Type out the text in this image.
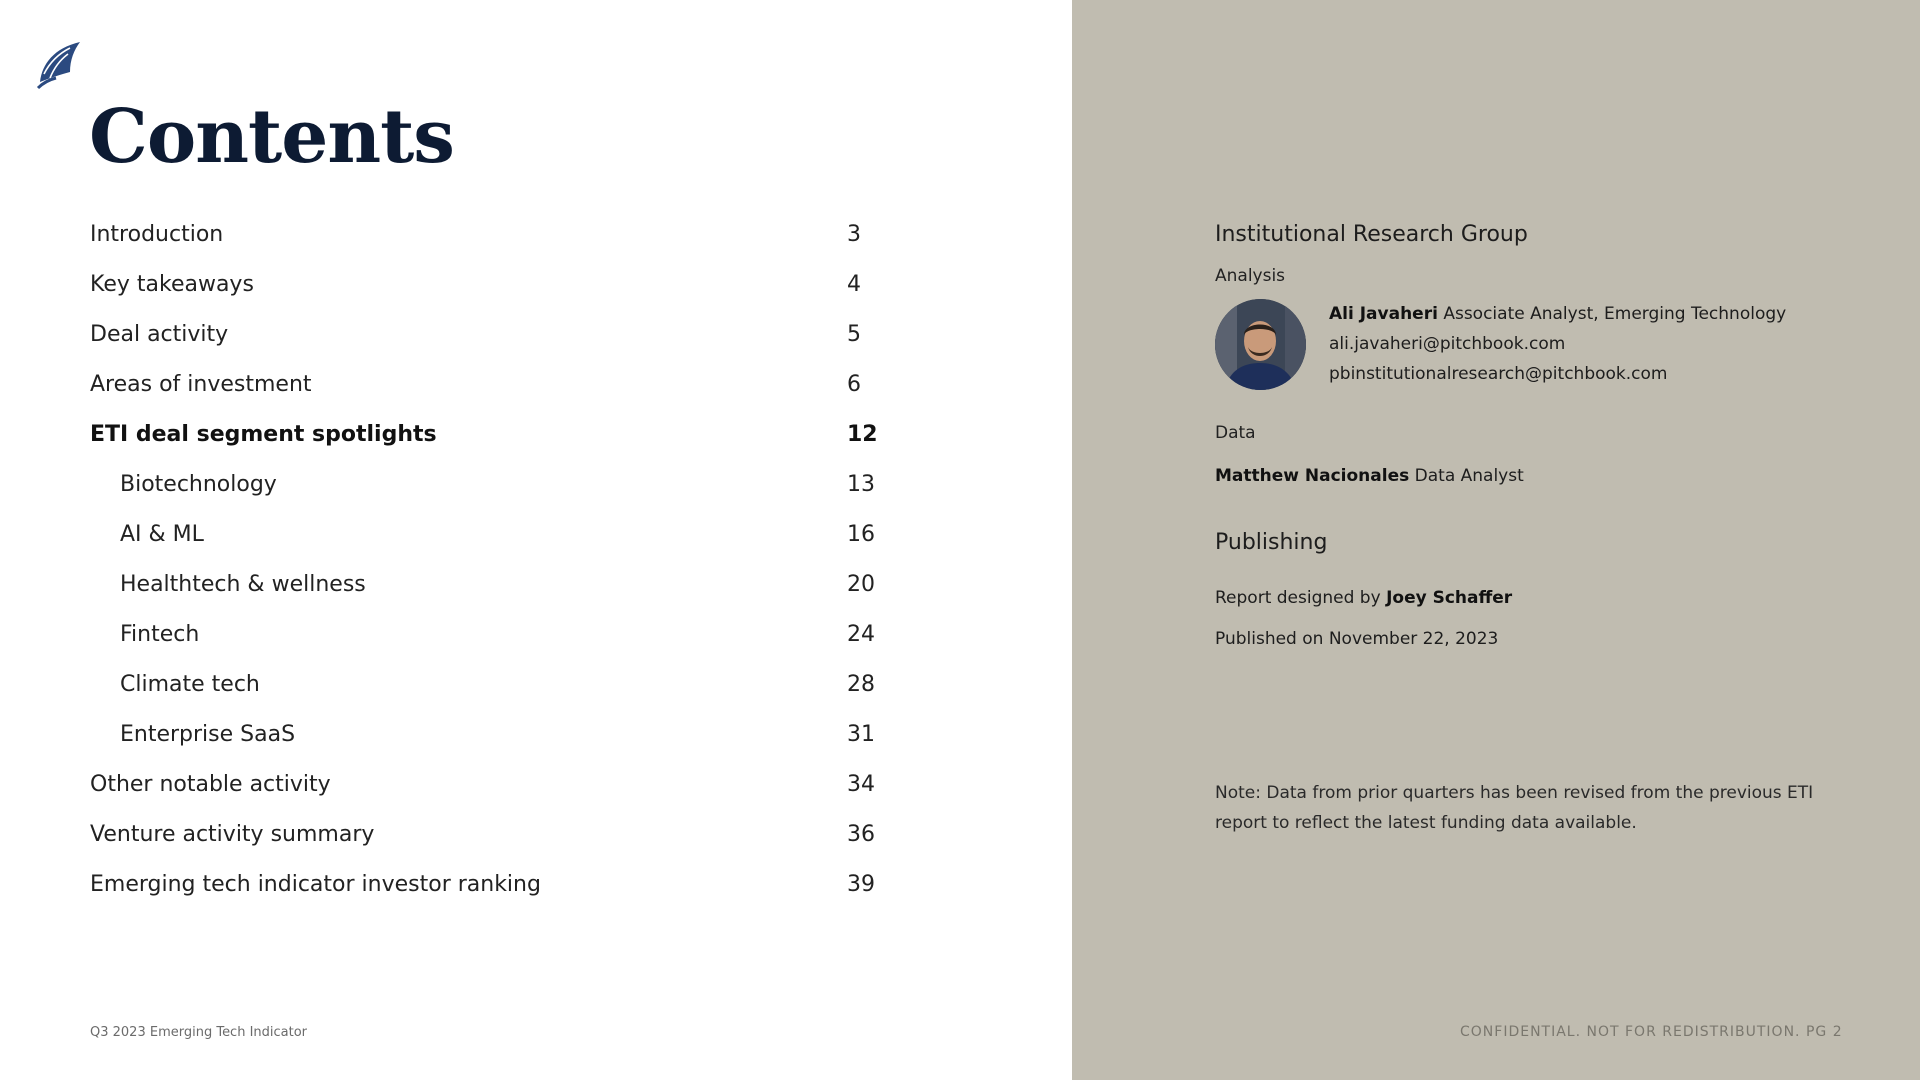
Contents
Introduction	3
Key takeaways	4
Deal activity	5
Areas of investment	6
ETI deal segment spotlights	12
Biotechnology	13
AI & ML	16
Healthtech & wellness	20
Fintech	24
Climate tech	28
Enterprise SaaS	31
Other notable activity	34
Venture activity summary	36
Emerging tech indicator investor ranking	39
Q3 2023 Emerging Tech Indicator
Institutional Research Group
Analysis
Ali Javaheri Associate Analyst, Emerging Technology
ali.javaheri@pitchbook.com
pbinstitutionalresearch@pitchbook.com
Data
Matthew Nacionales Data Analyst
Publishing
Report designed by Joey Schaffer
Published on November 22, 2023
Note: Data from prior quarters has been revised from the previous ETI report to reflect the latest funding data available.
CONFIDENTIAL. NOT FOR REDISTRIBUTION. PG 2
